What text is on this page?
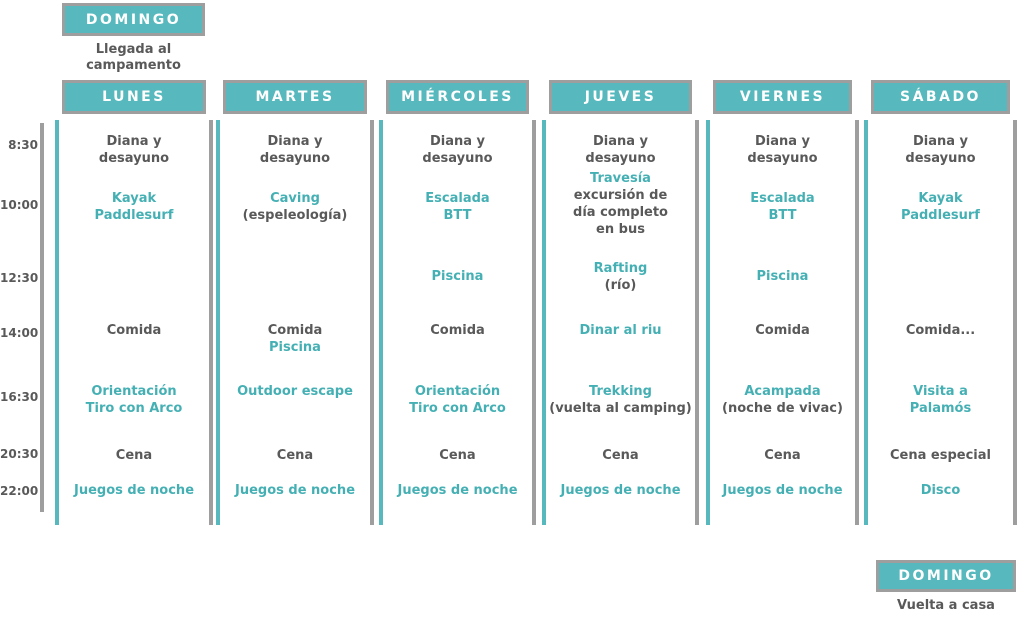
DOMINGO
Llegada al
campamento
DOMINGO
Vuelta a casa
LUNES
Diana y
desayuno
Kayak
Paddlesurf
Comida
Orientación
Tiro con Arco
Cena
Juegos de noche
MARTES
Diana y
desayuno
Caving
(espeleología)
Comida
Piscina
Outdoor escape
Cena
Juegos de noche
MIÉRCOLES
Diana y
desayuno
Escalada
BTT
Piscina
Comida
Orientación
Tiro con Arco
Cena
Juegos de noche
JUEVES
Diana y
desayuno
Travesía
excursión de
día completo
en bus
Rafting
(río)
Dinar al riu
Trekking
(vuelta al camping)
Cena
Juegos de noche
VIERNES
Diana y
desayuno
Escalada
BTT
Piscina
Comida
Acampada
(noche de vivac)
Cena
Juegos de noche
SÁBADO
Diana y
desayuno
Kayak
Paddlesurf
Comida...
Visita a
Palamós
Cena especial
Disco
8:30
10:00
12:30
14:00
16:30
20:30
22:00
